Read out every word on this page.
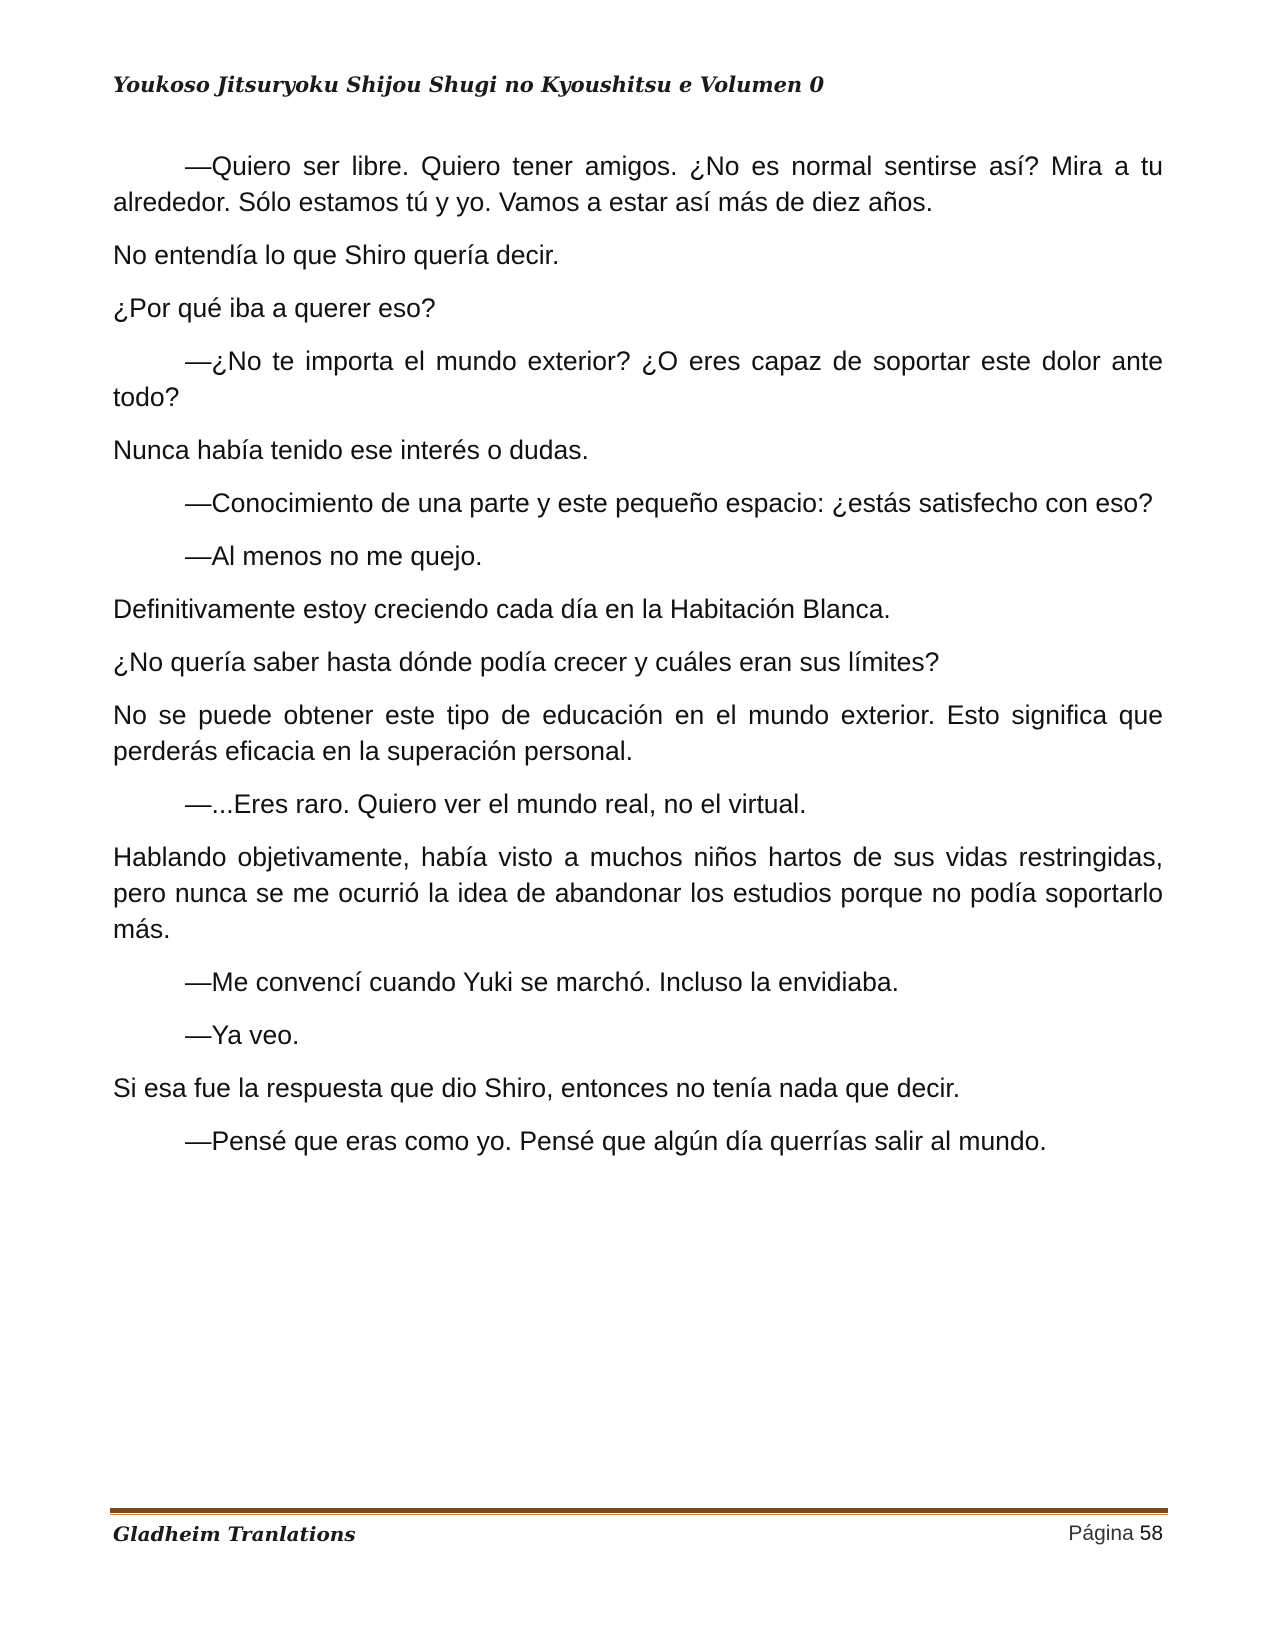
Youkoso Jitsuryoku Shijou Shugi no Kyoushitsu e Volumen 0

—Quiero ser libre. Quiero tener amigos. ¿No es normal sentirse así? Mira a tu alrededor. Sólo estamos tú y yo. Vamos a estar así más de diez años.

No entendía lo que Shiro quería decir.

¿Por qué iba a querer eso?

—¿No te importa el mundo exterior? ¿O eres capaz de soportar este dolor ante todo?

Nunca había tenido ese interés o dudas.

—Conocimiento de una parte y este pequeño espacio: ¿estás satisfecho con eso?

—Al menos no me quejo.

Definitivamente estoy creciendo cada día en la Habitación Blanca.

¿No quería saber hasta dónde podía crecer y cuáles eran sus límites?

No se puede obtener este tipo de educación en el mundo exterior. Esto significa que perderás eficacia en la superación personal.

—...Eres raro. Quiero ver el mundo real, no el virtual.

Hablando objetivamente, había visto a muchos niños hartos de sus vidas restringidas, pero nunca se me ocurrió la idea de abandonar los estudios porque no podía soportarlo más.

—Me convencí cuando Yuki se marchó. Incluso la envidiaba.

—Ya veo.

Si esa fue la respuesta que dio Shiro, entonces no tenía nada que decir.

—Pensé que eras como yo. Pensé que algún día querrías salir al mundo.

Gladheim Tranlations	Página 58
